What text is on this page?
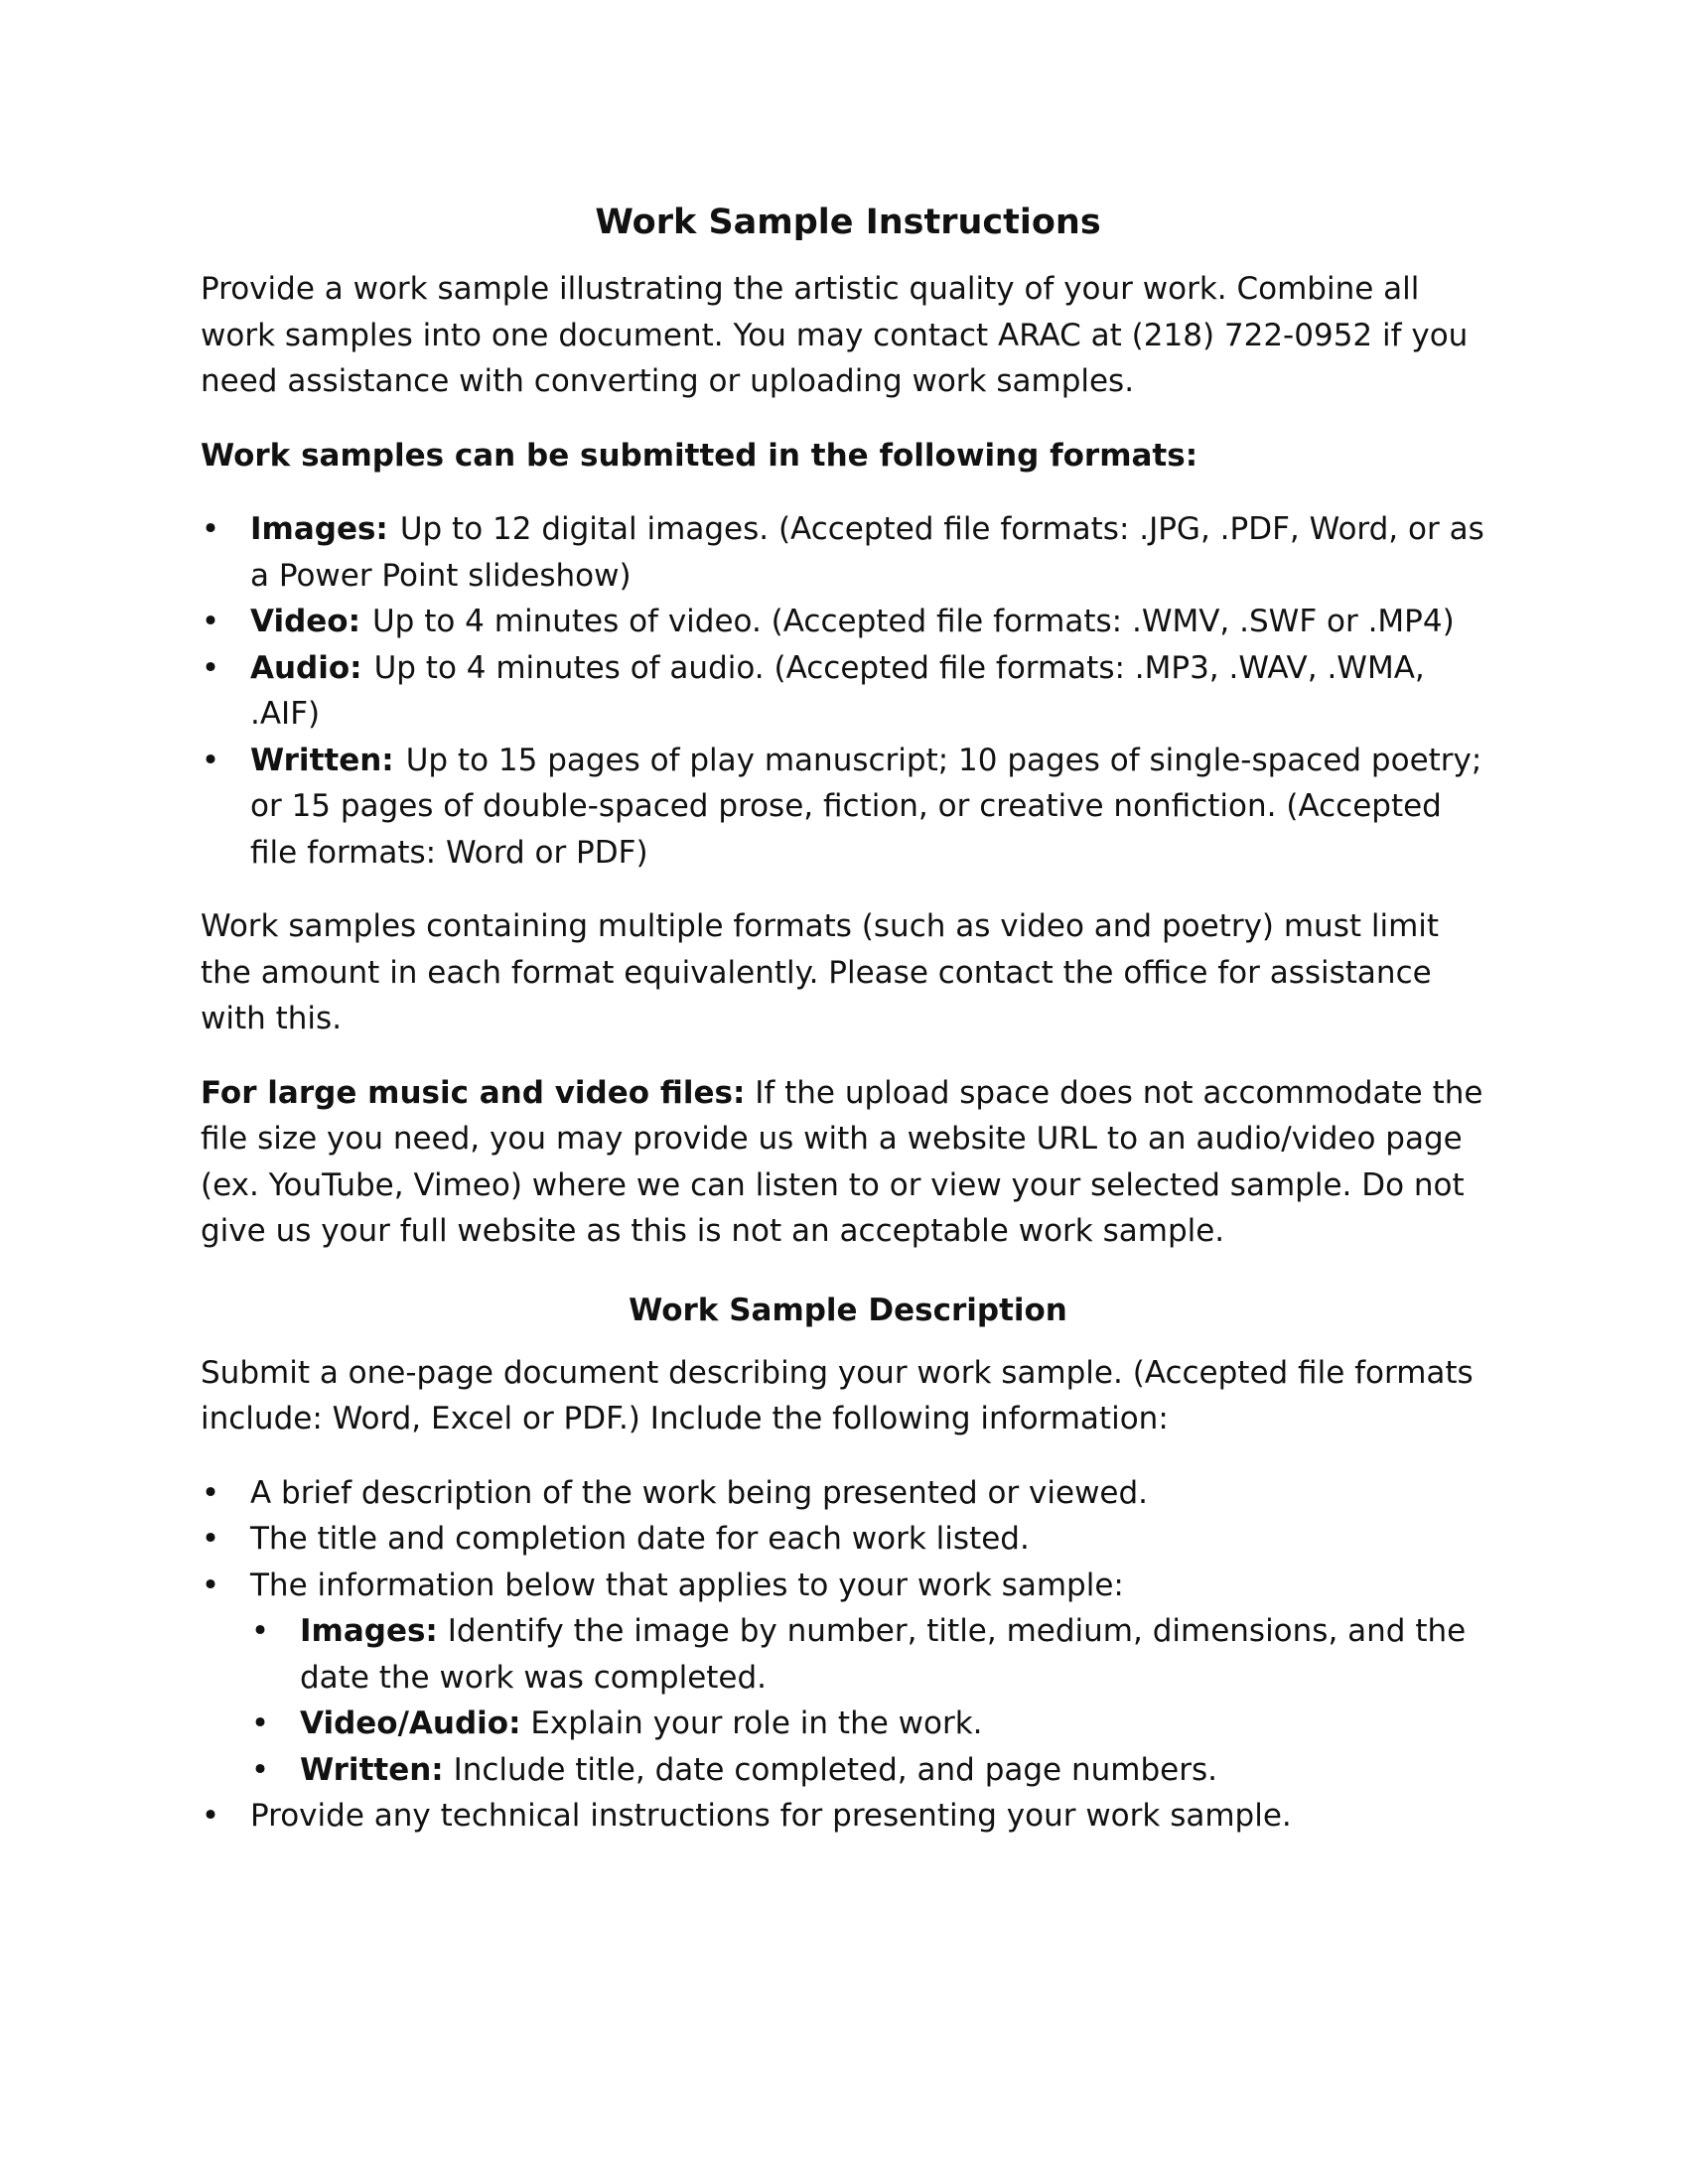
Work Sample Instructions

Provide a work sample illustrating the artistic quality of your work. Combine all work samples into one document. You may contact ARAC at (218) 722-0952 if you need assistance with converting or uploading work samples.

Work samples can be submitted in the following formats:

• Images: Up to 12 digital images. (Accepted file formats: .JPG, .PDF, Word, or as a Power Point slideshow)
• Video: Up to 4 minutes of video. (Accepted file formats: .WMV, .SWF or .MP4)
• Audio: Up to 4 minutes of audio. (Accepted file formats: .MP3, .WAV, .WMA, .AIF)
• Written: Up to 15 pages of play manuscript; 10 pages of single-spaced poetry; or 15 pages of double-spaced prose, fiction, or creative nonfiction. (Accepted file formats: Word or PDF)

Work samples containing multiple formats (such as video and poetry) must limit the amount in each format equivalently. Please contact the office for assistance with this.

For large music and video files: If the upload space does not accommodate the file size you need, you may provide us with a website URL to an audio/video page (ex. YouTube, Vimeo) where we can listen to or view your selected sample. Do not give us your full website as this is not an acceptable work sample.

Work Sample Description

Submit a one-page document describing your work sample. (Accepted file formats include: Word, Excel or PDF.) Include the following information:

• A brief description of the work being presented or viewed.
• The title and completion date for each work listed.
• The information below that applies to your work sample:
• Images: Identify the image by number, title, medium, dimensions, and the date the work was completed.
• Video/Audio: Explain your role in the work.
• Written: Include title, date completed, and page numbers.
• Provide any technical instructions for presenting your work sample.
